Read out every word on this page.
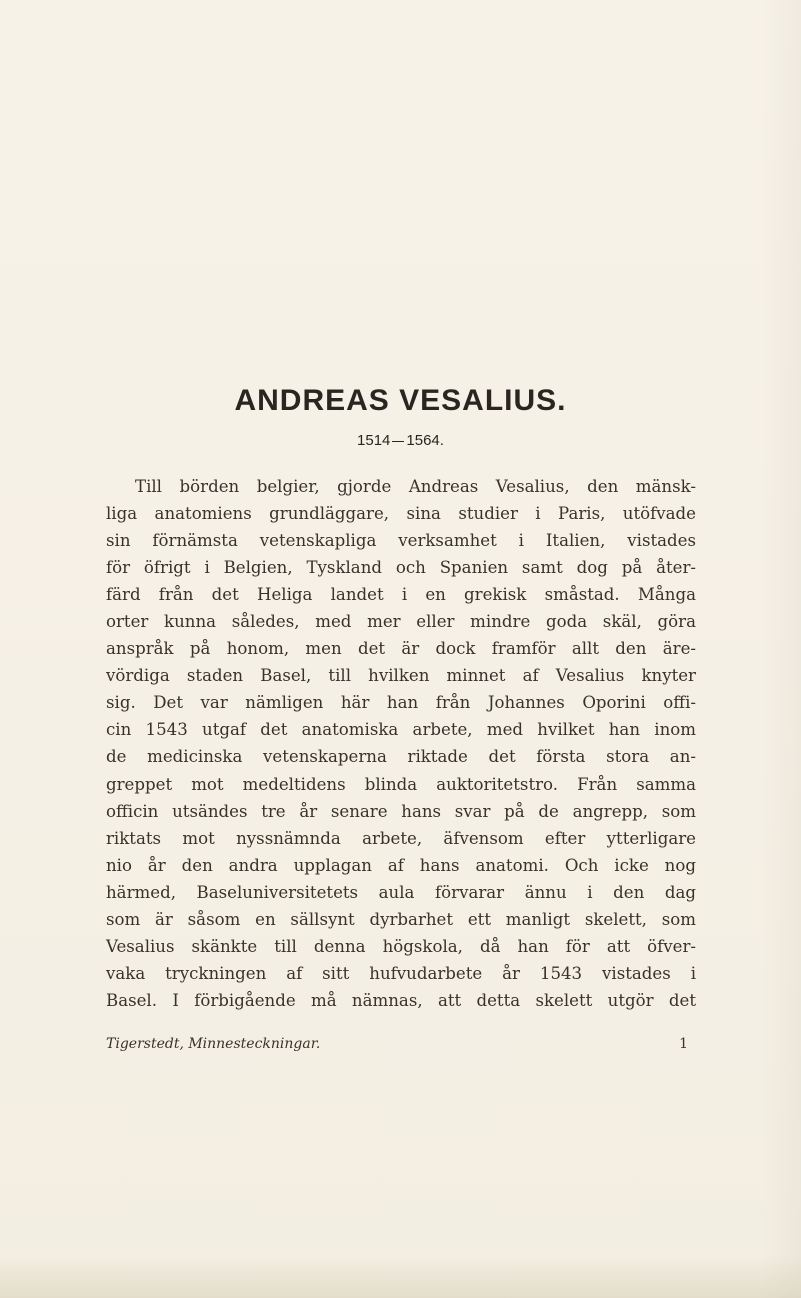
ANDREAS VESALIUS.
1514 1564.
Till börden belgier, gjorde Andreas Vesalius, den mänsk-
liga anatomiens grundläggare, sina studier i Paris, utöfvade
sin förnämsta vetenskapliga verksamhet i Italien, vistades
för öfrigt i Belgien, Tyskland och Spanien samt dog på åter-
färd från det Heliga landet i en grekisk småstad. Många
orter kunna således, med mer eller mindre goda skäl, göra
anspråk på honom, men det är dock framför allt den äre-
vördiga staden Basel, till hvilken minnet af Vesalius knyter
sig. Det var nämligen här han från Johannes Oporini offi-
cin 1543 utgaf det anatomiska arbete, med hvilket han inom
de medicinska vetenskaperna riktade det första stora an-
greppet mot medeltidens blinda auktoritetstro. Från samma
officin utsändes tre år senare hans svar på de angrepp, som
riktats mot nyssnämnda arbete, äfvensom efter ytterligare
nio år den andra upplagan af hans anatomi. Och icke nog
härmed, Baseluniversitetets aula förvarar ännu i den dag
som är såsom en sällsynt dyrbarhet ett manligt skelett, som
Vesalius skänkte till denna högskola, då han för att öfver-
vaka tryckningen af sitt hufvudarbete år 1543 vistades i
Basel. I förbigående må nämnas, att detta skelett utgör det
Tigerstedt, Minnesteckningar.	1
